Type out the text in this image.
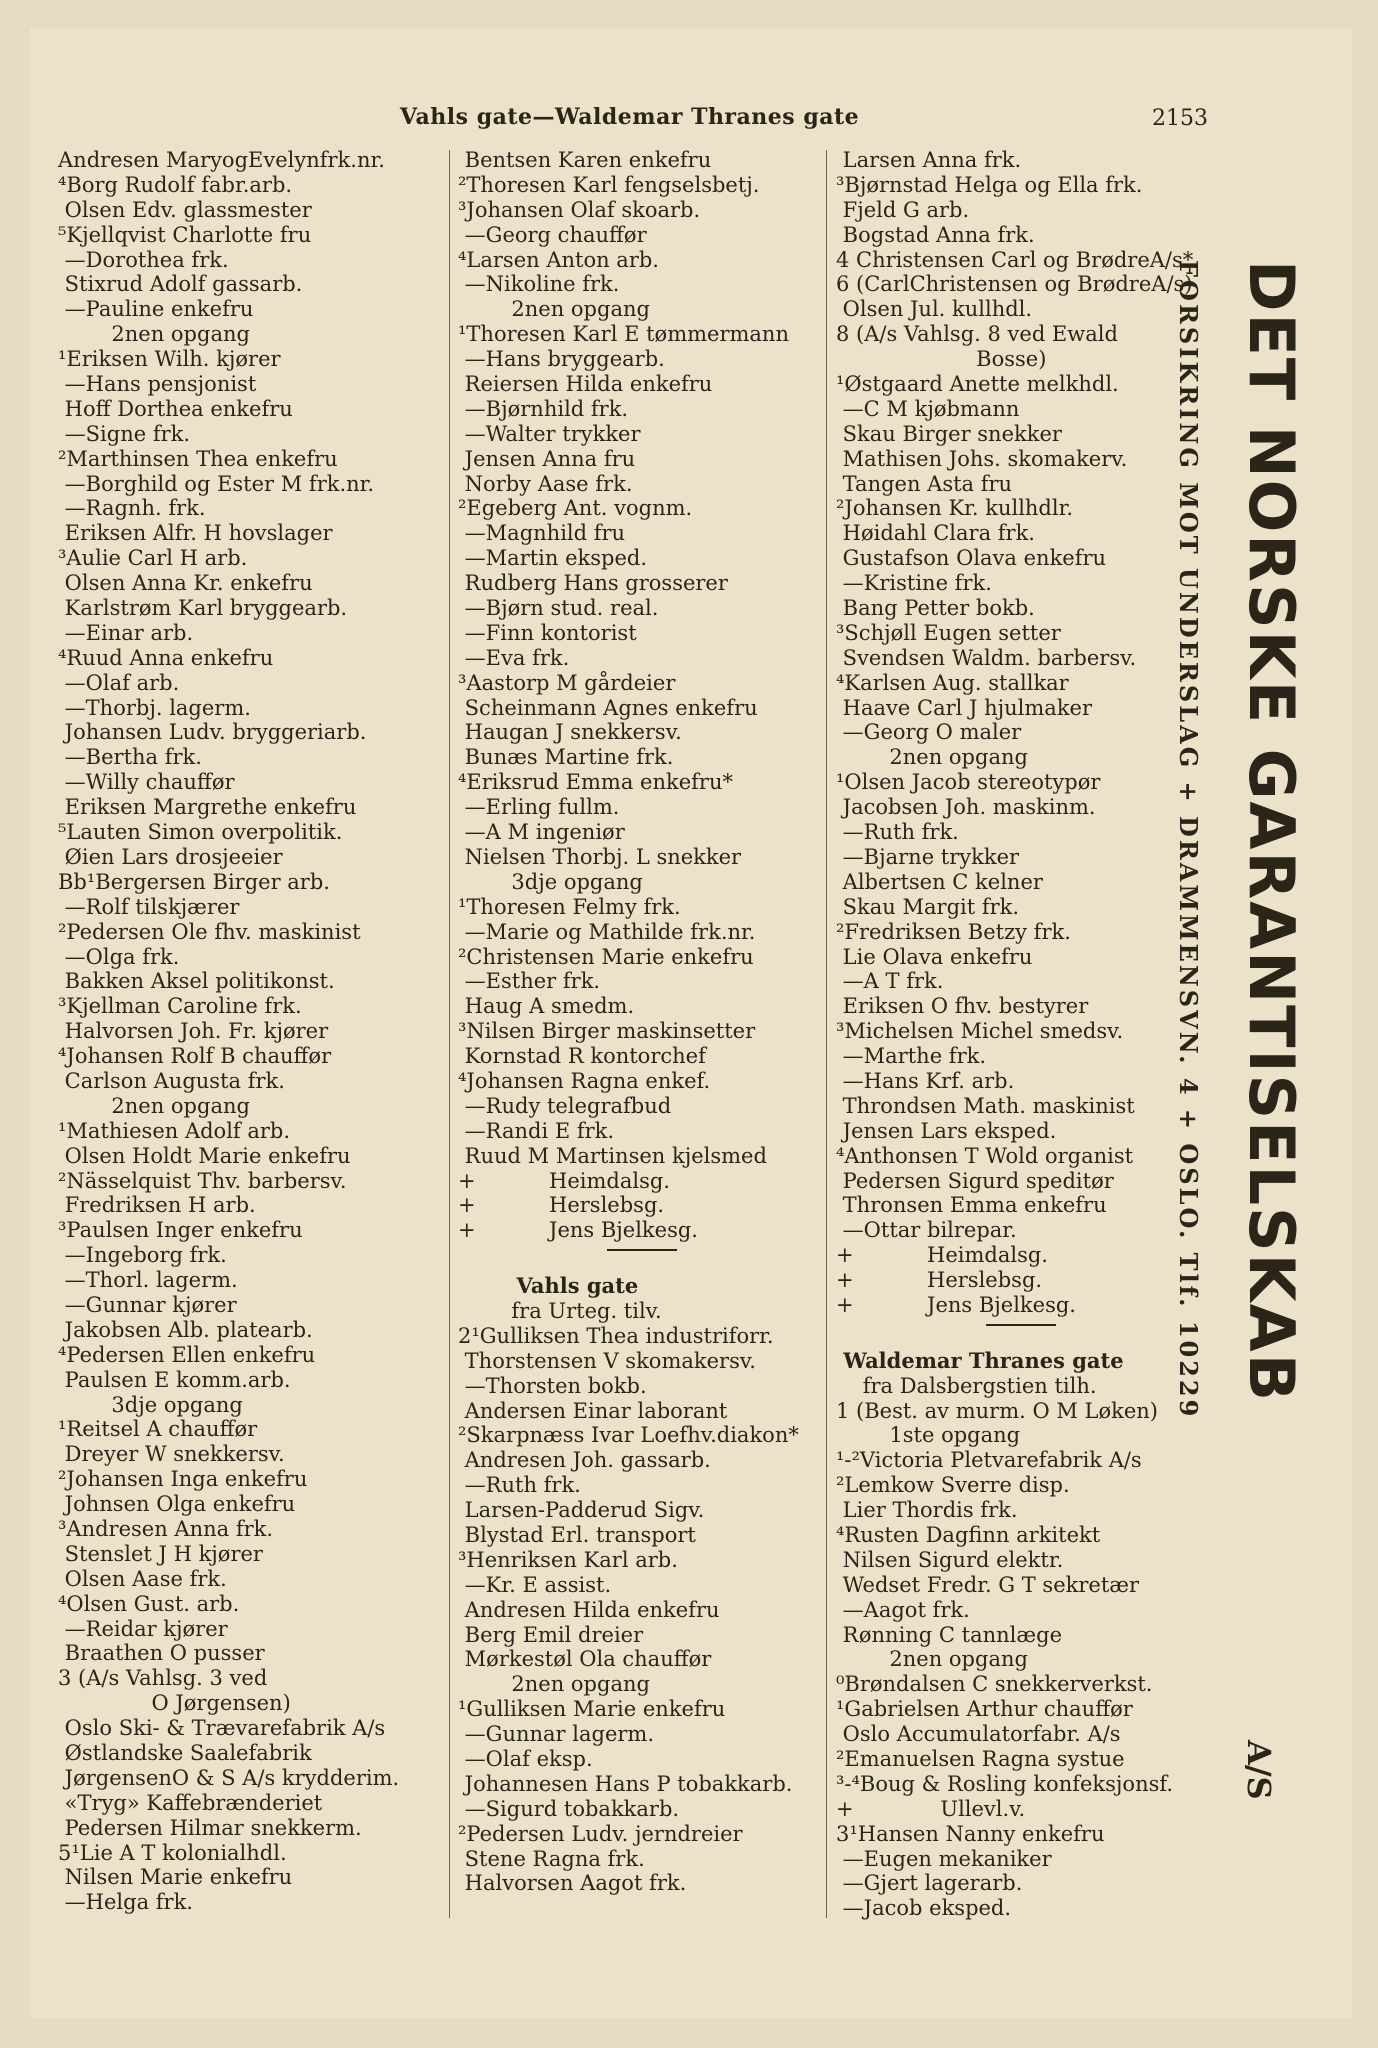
Vahls gate—Waldemar Thranes gate	2153
Andresen MaryogEvelynfrk.nr.
⁴Borg Rudolf fabr.arb.
Olsen Edv. glassmester
⁵Kjellqvist Charlotte fru
—Dorothea frk.
Stixrud Adolf gassarb.
—Pauline enkefru
2nen opgang
¹Eriksen Wilh. kjører
—Hans pensjonist
Hoff Dorthea enkefru
—Signe frk.
²Marthinsen Thea enkefru
—Borghild og Ester M frk.nr.
—Ragnh. frk.
Eriksen Alfr. H hovslager
³Aulie Carl H arb.
Olsen Anna Kr. enkefru
Karlstrøm Karl bryggearb.
—Einar arb.
⁴Ruud Anna enkefru
—Olaf arb.
—Thorbj. lagerm.
Johansen Ludv. bryggeriarb.
—Bertha frk.
—Willy chauffør
Eriksen Margrethe enkefru
⁵Lauten Simon overpolitik.
Øien Lars drosjeeier
Bb¹Bergersen Birger arb.
—Rolf tilskjærer
²Pedersen Ole fhv. maskinist
—Olga frk.
Bakken Aksel politikonst.
³Kjellman Caroline frk.
Halvorsen Joh. Fr. kjører
⁴Johansen Rolf B chauffør
Carlson Augusta frk.
2nen opgang
¹Mathiesen Adolf arb.
Olsen Holdt Marie enkefru
²Nässelquist Thv. barbersv.
Fredriksen H arb.
³Paulsen Inger enkefru
—Ingeborg frk.
—Thorl. lagerm.
—Gunnar kjører
Jakobsen Alb. platearb.
⁴Pedersen Ellen enkefru
Paulsen E komm.arb.
3dje opgang
¹Reitsel A chauffør
Dreyer W snekkersv.
²Johansen Inga enkefru
Johnsen Olga enkefru
³Andresen Anna frk.
Stenslet J H kjører
Olsen Aase frk.
⁴Olsen Gust. arb.
—Reidar kjører
Braathen O pusser
3 (A/s Vahlsg. 3 ved
O Jørgensen)
Oslo Ski- & Trævarefabrik A/s
Østlandske Saalefabrik
JørgensenO & S A/s krydderim.
«Tryg» Kaffebrænderiet
Pedersen Hilmar snekkerm.
5¹Lie A T kolonialhdl.
Nilsen Marie enkefru
—Helga frk.
Bentsen Karen enkefru
²Thoresen Karl fengselsbetj.
³Johansen Olaf skoarb.
—Georg chauffør
⁴Larsen Anton arb.
—Nikoline frk.
2nen opgang
¹Thoresen Karl E tømmermann
—Hans bryggearb.
Reiersen Hilda enkefru
—Bjørnhild frk.
—Walter trykker
Jensen Anna fru
Norby Aase frk.
²Egeberg Ant. vognm.
—Magnhild fru
—Martin eksped.
Rudberg Hans grosserer
—Bjørn stud. real.
—Finn kontorist
—Eva frk.
³Aastorp M gårdeier
Scheinmann Agnes enkefru
Haugan J snekkersv.
Bunæs Martine frk.
⁴Eriksrud Emma enkefru*
—Erling fullm.
—A M ingeniør
Nielsen Thorbj. L snekker
3dje opgang
¹Thoresen Felmy frk.
—Marie og Mathilde frk.nr.
²Christensen Marie enkefru
—Esther frk.
Haug A smedm.
³Nilsen Birger maskinsetter
Kornstad R kontorchef
⁴Johansen Ragna enkef.
—Rudy telegrafbud
—Randi E frk.
Ruud M Martinsen kjelsmed
+           Heimdalsg.
+           Herslebsg.
+           Jens Bjelkesg.
Vahls gate
fra Urteg. tilv.
2¹Gulliksen Thea industriforr.
Thorstensen V skomakersv.
—Thorsten bokb.
Andersen Einar laborant
²Skarpnæss Ivar Loefhv.diakon*
Andresen Joh. gassarb.
—Ruth frk.
Larsen-Padderud Sigv.
Blystad Erl. transport
³Henriksen Karl arb.
—Kr. E assist.
Andresen Hilda enkefru
Berg Emil dreier
Mørkestøl Ola chauffør
2nen opgang
¹Gulliksen Marie enkefru
—Gunnar lagerm.
—Olaf eksp.
Johannesen Hans P tobakkarb.
—Sigurd tobakkarb.
²Pedersen Ludv. jerndreier
Stene Ragna frk.
Halvorsen Aagot frk.
Larsen Anna frk.
³Bjørnstad Helga og Ella frk.
Fjeld G arb.
Bogstad Anna frk.
4 Christensen Carl og BrødreA/s*
6 (CarlChristensen og BrødreA/s)
Olsen Jul. kullhdl.
8 (A/s Vahlsg. 8 ved Ewald
Bosse)
¹Østgaard Anette melkhdl.
—C M kjøbmann
Skau Birger snekker
Mathisen Johs. skomakerv.
Tangen Asta fru
²Johansen Kr. kullhdlr.
Høidahl Clara frk.
Gustafson Olava enkefru
—Kristine frk.
Bang Petter bokb.
³Schjøll Eugen setter
Svendsen Waldm. barbersv.
⁴Karlsen Aug. stallkar
Haave Carl J hjulmaker
—Georg O maler
2nen opgang
¹Olsen Jacob stereotypør
Jacobsen Joh. maskinm.
—Ruth frk.
—Bjarne trykker
Albertsen C kelner
Skau Margit frk.
²Fredriksen Betzy frk.
Lie Olava enkefru
—A T frk.
Eriksen O fhv. bestyrer
³Michelsen Michel smedsv.
—Marthe frk.
—Hans Krf. arb.
Throndsen Math. maskinist
Jensen Lars eksped.
⁴Anthonsen T Wold organist
Pedersen Sigurd speditør
Thronsen Emma enkefru
—Ottar bilrepar.
+           Heimdalsg.
+           Herslebsg.
+           Jens Bjelkesg.
Waldemar Thranes gate
fra Dalsbergstien tilh.
1 (Best. av murm. O M Løken)
1ste opgang
¹-²Victoria Pletvarefabrik A/s
²Lemkow Sverre disp.
Lier Thordis frk.
⁴Rusten Dagfinn arkitekt
Nilsen Sigurd elektr.
Wedset Fredr. G T sekretær
—Aagot frk.
Rønning C tannlæge
2nen opgang
⁰Brøndalsen C snekkerverkst.
¹Gabrielsen Arthur chauffør
Oslo Accumulatorfabr. A/s
²Emanuelsen Ragna systue
³-⁴Boug & Rosling konfeksjonsf.
+             Ullevl.v.
3¹Hansen Nanny enkefru
—Eugen mekaniker
—Gjert lagerarb.
—Jacob eksped.
DET NORSKE GARANTISELSKAB
FORSIKRING MOT UNDERSLAG + DRAMMENSVN. 4 + OSLO. Tlf. 10229
A/S
